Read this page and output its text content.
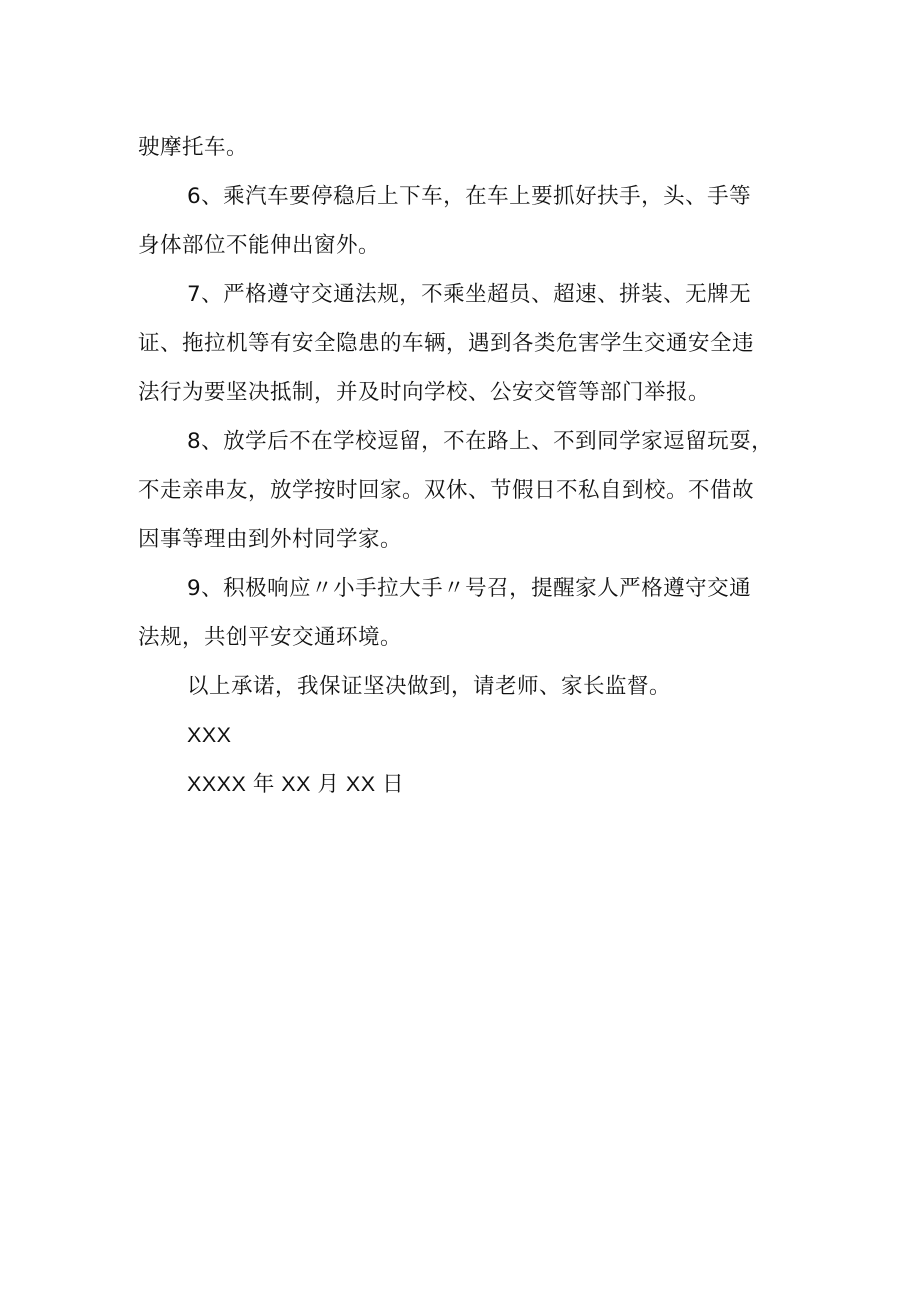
驶摩托车。
6、乘汽车要停稳后上下车，在车上要抓好扶手，头、手等
身体部位不能伸出窗外。
7、严格遵守交通法规，不乘坐超员、超速、拼装、无牌无
证、拖拉机等有安全隐患的车辆，遇到各类危害学生交通安全违
法行为要坚决抵制，并及时向学校、公安交管等部门举报。
8、放学后不在学校逗留，不在路上、不到同学家逗留玩耍，
不走亲串友，放学按时回家。双休、节假日不私自到校。不借故
因事等理由到外村同学家。
9、积极响应〃小手拉大手〃号召，提醒家人严格遵守交通
法规，共创平安交通环境。
以上承诺，我保证坚决做到，请老师、家长监督。
XXX
XXXX 年 XX 月 XX 日
